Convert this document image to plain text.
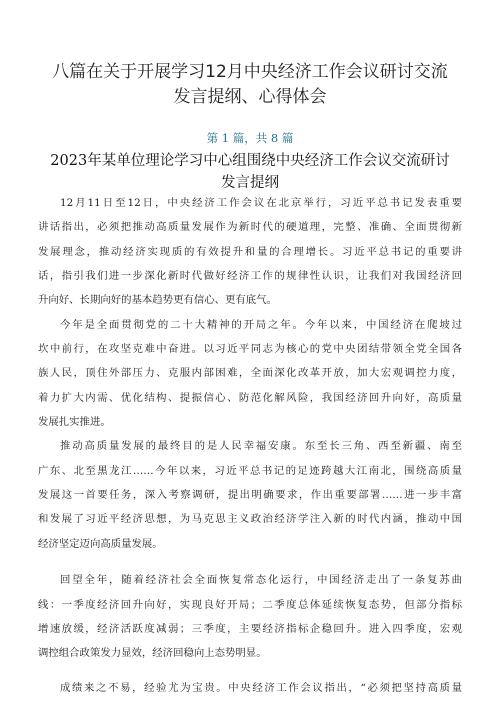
八篇在关于开展学习12月中央经济工作会议研讨交流
发言提纲、心得体会
第 1 篇，共 8 篇
2023年某单位理论学习中心组围绕中央经济工作会议交流研讨
发言提纲
12月11日至12日，中央经济工作会议在北京举行，习近平总书记发表重要
讲话指出，必须把推动高质量发展作为新时代的硬道理，完整、准确、全面贯彻新
发展理念，推动经济实现质的有效提升和量的合理增长。习近平总书记的重要讲
话，指引我们进一步深化新时代做好经济工作的规律性认识，让我们对我国经济回
升向好、长期向好的基本趋势更有信心、更有底气。
今年是全面贯彻党的二十大精神的开局之年。今年以来，中国经济在爬坡过
坎中前行，在攻坚克难中奋进。以习近平同志为核心的党中央团结带领全党全国各
族人民，顶住外部压力、克服内部困难，全面深化改革开放，加大宏观调控力度，
着力扩大内需、优化结构、提振信心、防范化解风险，我国经济回升向好，高质量
发展扎实推进。
推动高质量发展的最终目的是人民幸福安康。东至长三角、西至新疆、南至
广东、北至黑龙江……今年以来，习近平总书记的足迹跨越大江南北，围绕高质量
发展这一首要任务，深入考察调研，提出明确要求，作出重要部署……进一步丰富
和发展了习近平经济思想，为马克思主义政治经济学注入新的时代内涵，推动中国
经济坚定迈向高质量发展。
回望全年，随着经济社会全面恢复常态化运行，中国经济走出了一条复苏曲
线：一季度经济回升向好，实现良好开局；二季度总体延续恢复态势，但部分指标
增速放缓，经济活跃度减弱；三季度，主要经济指标企稳回升。进入四季度，宏观
调控组合政策发力显效，经济回稳向上态势明显。
成绩来之不易，经验尤为宝贵。中央经济工作会议指出，“必须把坚持高质量
